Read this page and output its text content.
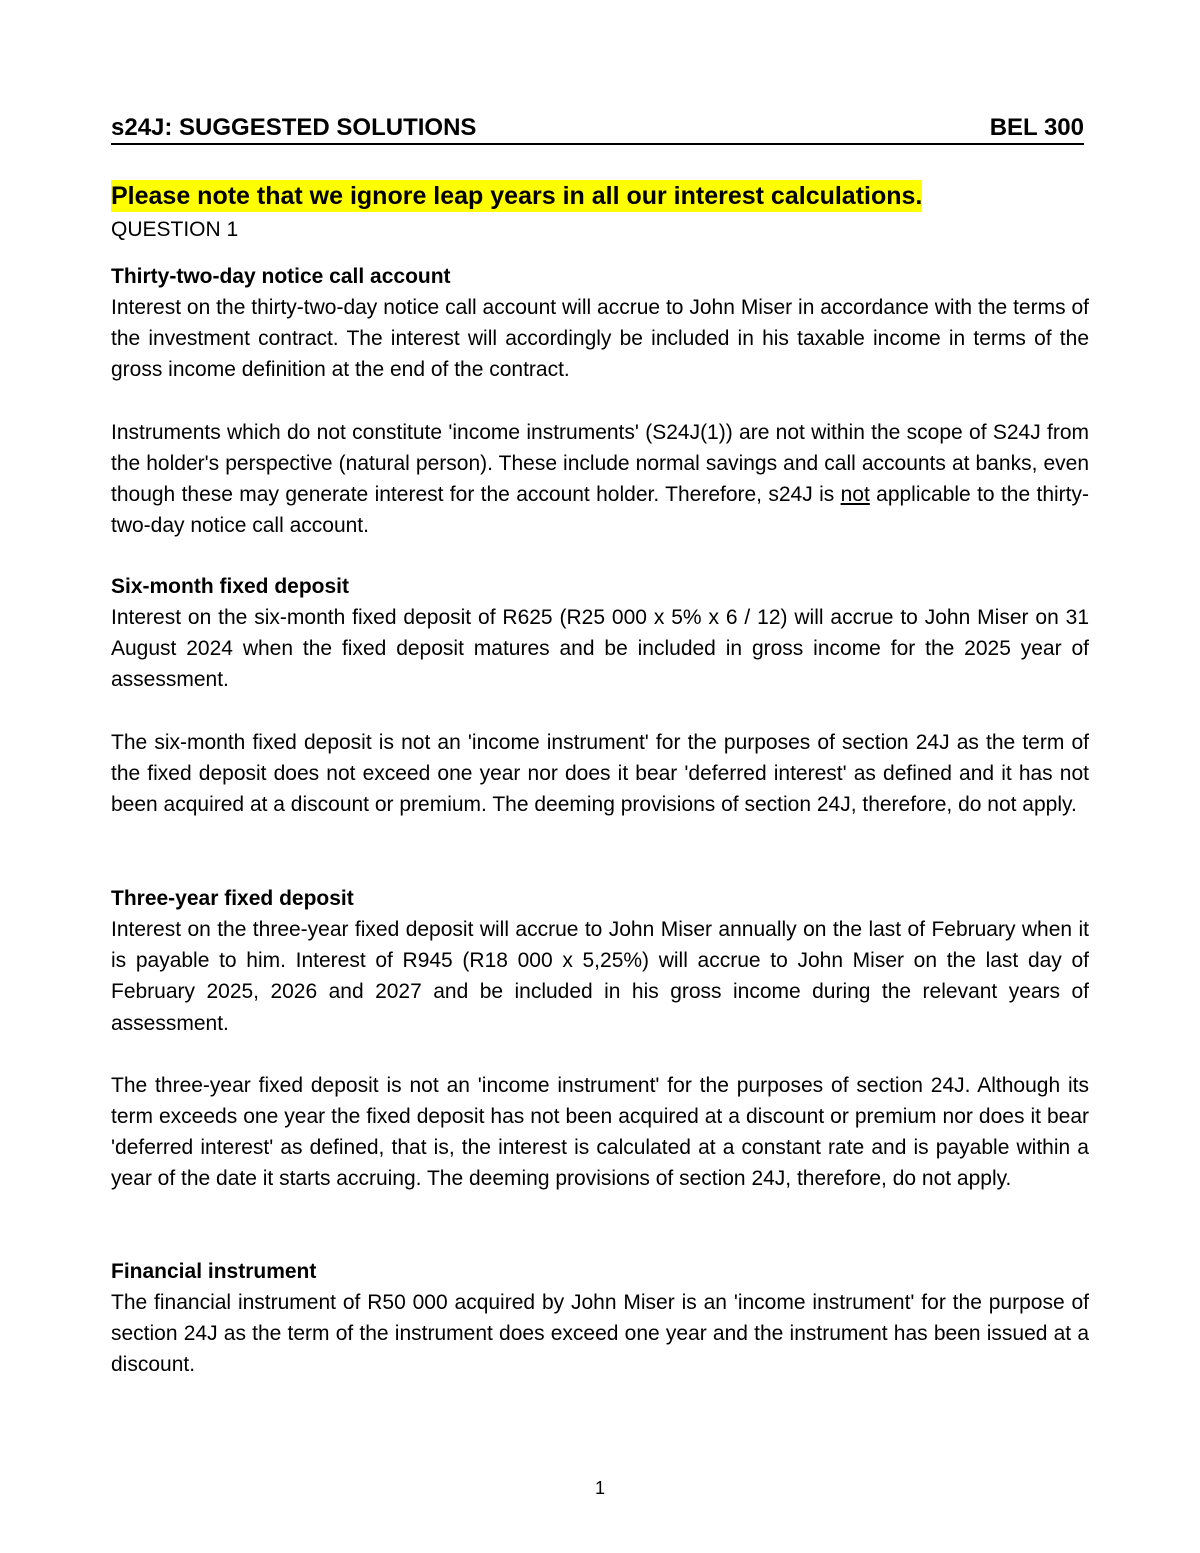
s24J: SUGGESTED SOLUTIONS	BEL 300
Please note that we ignore leap years in all our interest calculations.
QUESTION 1
Thirty-two-day notice call account

Interest on the thirty-two-day notice call account will accrue to John Miser in accordance with the terms of the investment contract. The interest will accordingly be included in his taxable income in terms of the gross income definition at the end of the contract.

Instruments which do not constitute 'income instruments' (S24J(1)) are not within the scope of S24J from the holder's perspective (natural person). These include normal savings and call accounts at banks, even though these may generate interest for the account holder. Therefore, s24J is not applicable to the thirty-two-day notice call account.

Six-month fixed deposit

Interest on the six-month fixed deposit of R625 (R25 000 x 5% x 6 / 12) will accrue to John Miser on 31 August 2024 when the fixed deposit matures and be included in gross income for the 2025 year of assessment.

The six-month fixed deposit is not an 'income instrument' for the purposes of section 24J as the term of the fixed deposit does not exceed one year nor does it bear 'deferred interest' as defined and it has not been acquired at a discount or premium. The deeming provisions of section 24J, therefore, do not apply.

Three-year fixed deposit

Interest on the three-year fixed deposit will accrue to John Miser annually on the last of February when it is payable to him. Interest of R945 (R18 000 x 5,25%) will accrue to John Miser on the last day of February 2025, 2026 and 2027 and be included in his gross income during the relevant years of assessment.

The three-year fixed deposit is not an 'income instrument' for the purposes of section 24J. Although its term exceeds one year the fixed deposit has not been acquired at a discount or premium nor does it bear 'deferred interest' as defined, that is, the interest is calculated at a constant rate and is payable within a year of the date it starts accruing. The deeming provisions of section 24J, therefore, do not apply.

Financial instrument

The financial instrument of R50 000 acquired by John Miser is an 'income instrument' for the purpose of section 24J as the term of the instrument does exceed one year and the instrument has been issued at a discount.

1
